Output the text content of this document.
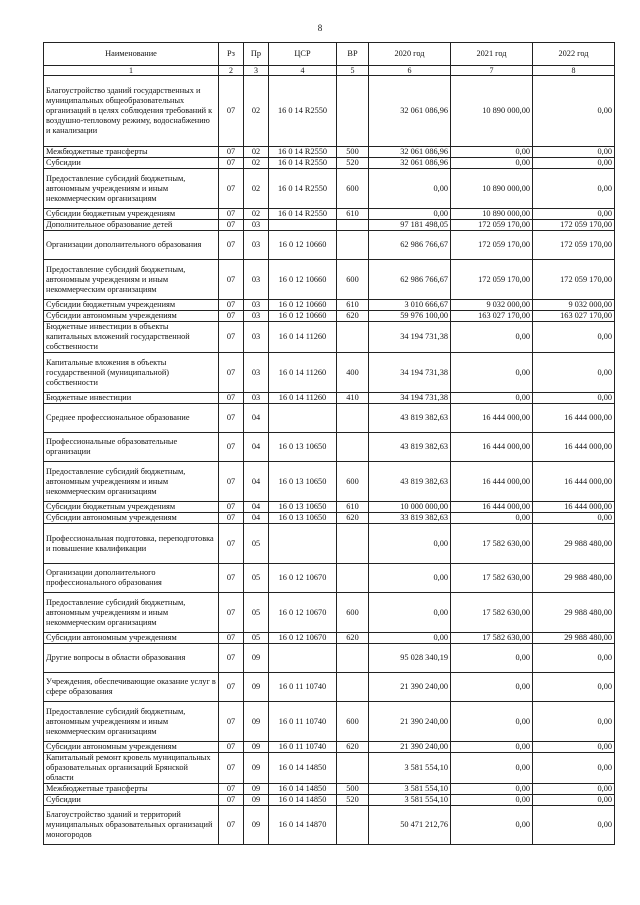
8
Наименование	Рз	Пр	ЦСР	ВР	2020 год	2021 год	2022 год
1	2	3	4	5	6	7	8
Благоустройство зданий государственных и муниципальных общеобразовательных организаций в целях соблюдения требований к воздушно-тепловому режиму, водоснабжению и канализации	07	02	16 0 14 R2550		32 061 086,96	10 890 000,00	0,00
Межбюджетные трансферты	07	02	16 0 14 R2550	500	32 061 086,96	0,00	0,00
Субсидии	07	02	16 0 14 R2550	520	32 061 086,96	0,00	0,00
Предоставление субсидий бюджетным, автономным учреждениям и иным некоммерческим организациям	07	02	16 0 14 R2550	600	0,00	10 890 000,00	0,00
Субсидии бюджетным учреждениям	07	02	16 0 14 R2550	610	0,00	10 890 000,00	0,00
Дополнительное образование детей	07	03			97 181 498,05	172 059 170,00	172 059 170,00
Организации дополнительного образования	07	03	16 0 12 10660		62 986 766,67	172 059 170,00	172 059 170,00
Предоставление субсидий бюджетным, автономным учреждениям и иным некоммерческим организациям	07	03	16 0 12 10660	600	62 986 766,67	172 059 170,00	172 059 170,00
Субсидии бюджетным учреждениям	07	03	16 0 12 10660	610	3 010 666,67	9 032 000,00	9 032 000,00
Субсидии автономным учреждениям	07	03	16 0 12 10660	620	59 976 100,00	163 027 170,00	163 027 170,00
Бюджетные инвестиции в объекты капитальных вложений государственной собственности	07	03	16 0 14 11260		34 194 731,38	0,00	0,00
Капитальные вложения в объекты государственной (муниципальной) собственности	07	03	16 0 14 11260	400	34 194 731,38	0,00	0,00
Бюджетные инвестиции	07	03	16 0 14 11260	410	34 194 731,38	0,00	0,00
Среднее профессиональное образование	07	04			43 819 382,63	16 444 000,00	16 444 000,00
Профессиональные образовательные организации	07	04	16 0 13 10650		43 819 382,63	16 444 000,00	16 444 000,00
Предоставление субсидий бюджетным, автономным учреждениям и иным некоммерческим организациям	07	04	16 0 13 10650	600	43 819 382,63	16 444 000,00	16 444 000,00
Субсидии бюджетным учреждениям	07	04	16 0 13 10650	610	10 000 000,00	16 444 000,00	16 444 000,00
Субсидии автономным учреждениям	07	04	16 0 13 10650	620	33 819 382,63	0,00	0,00
Профессиональная подготовка, переподготовка и повышение квалификации	07	05			0,00	17 582 630,00	29 988 480,00
Организации дополнительного профессионального образования	07	05	16 0 12 10670		0,00	17 582 630,00	29 988 480,00
Предоставление субсидий бюджетным, автономным учреждениям и иным некоммерческим организациям	07	05	16 0 12 10670	600	0,00	17 582 630,00	29 988 480,00
Субсидии автономным учреждениям	07	05	16 0 12 10670	620	0,00	17 582 630,00	29 988 480,00
Другие вопросы в области образования	07	09			95 028 340,19	0,00	0,00
Учреждения, обеспечивающие оказание услуг в сфере образования	07	09	16 0 11 10740		21 390 240,00	0,00	0,00
Предоставление субсидий бюджетным, автономным учреждениям и иным некоммерческим организациям	07	09	16 0 11 10740	600	21 390 240,00	0,00	0,00
Субсидии автономным учреждениям	07	09	16 0 11 10740	620	21 390 240,00	0,00	0,00
Капитальный ремонт кровель муниципальных образовательных организаций Брянской области	07	09	16 0 14 14850		3 581 554,10	0,00	0,00
Межбюджетные трансферты	07	09	16 0 14 14850	500	3 581 554,10	0,00	0,00
Субсидии	07	09	16 0 14 14850	520	3 581 554,10	0,00	0,00
Благоустройство зданий и территорий муниципальных образовательных организаций моногородов	07	09	16 0 14 14870		50 471 212,76	0,00	0,00
